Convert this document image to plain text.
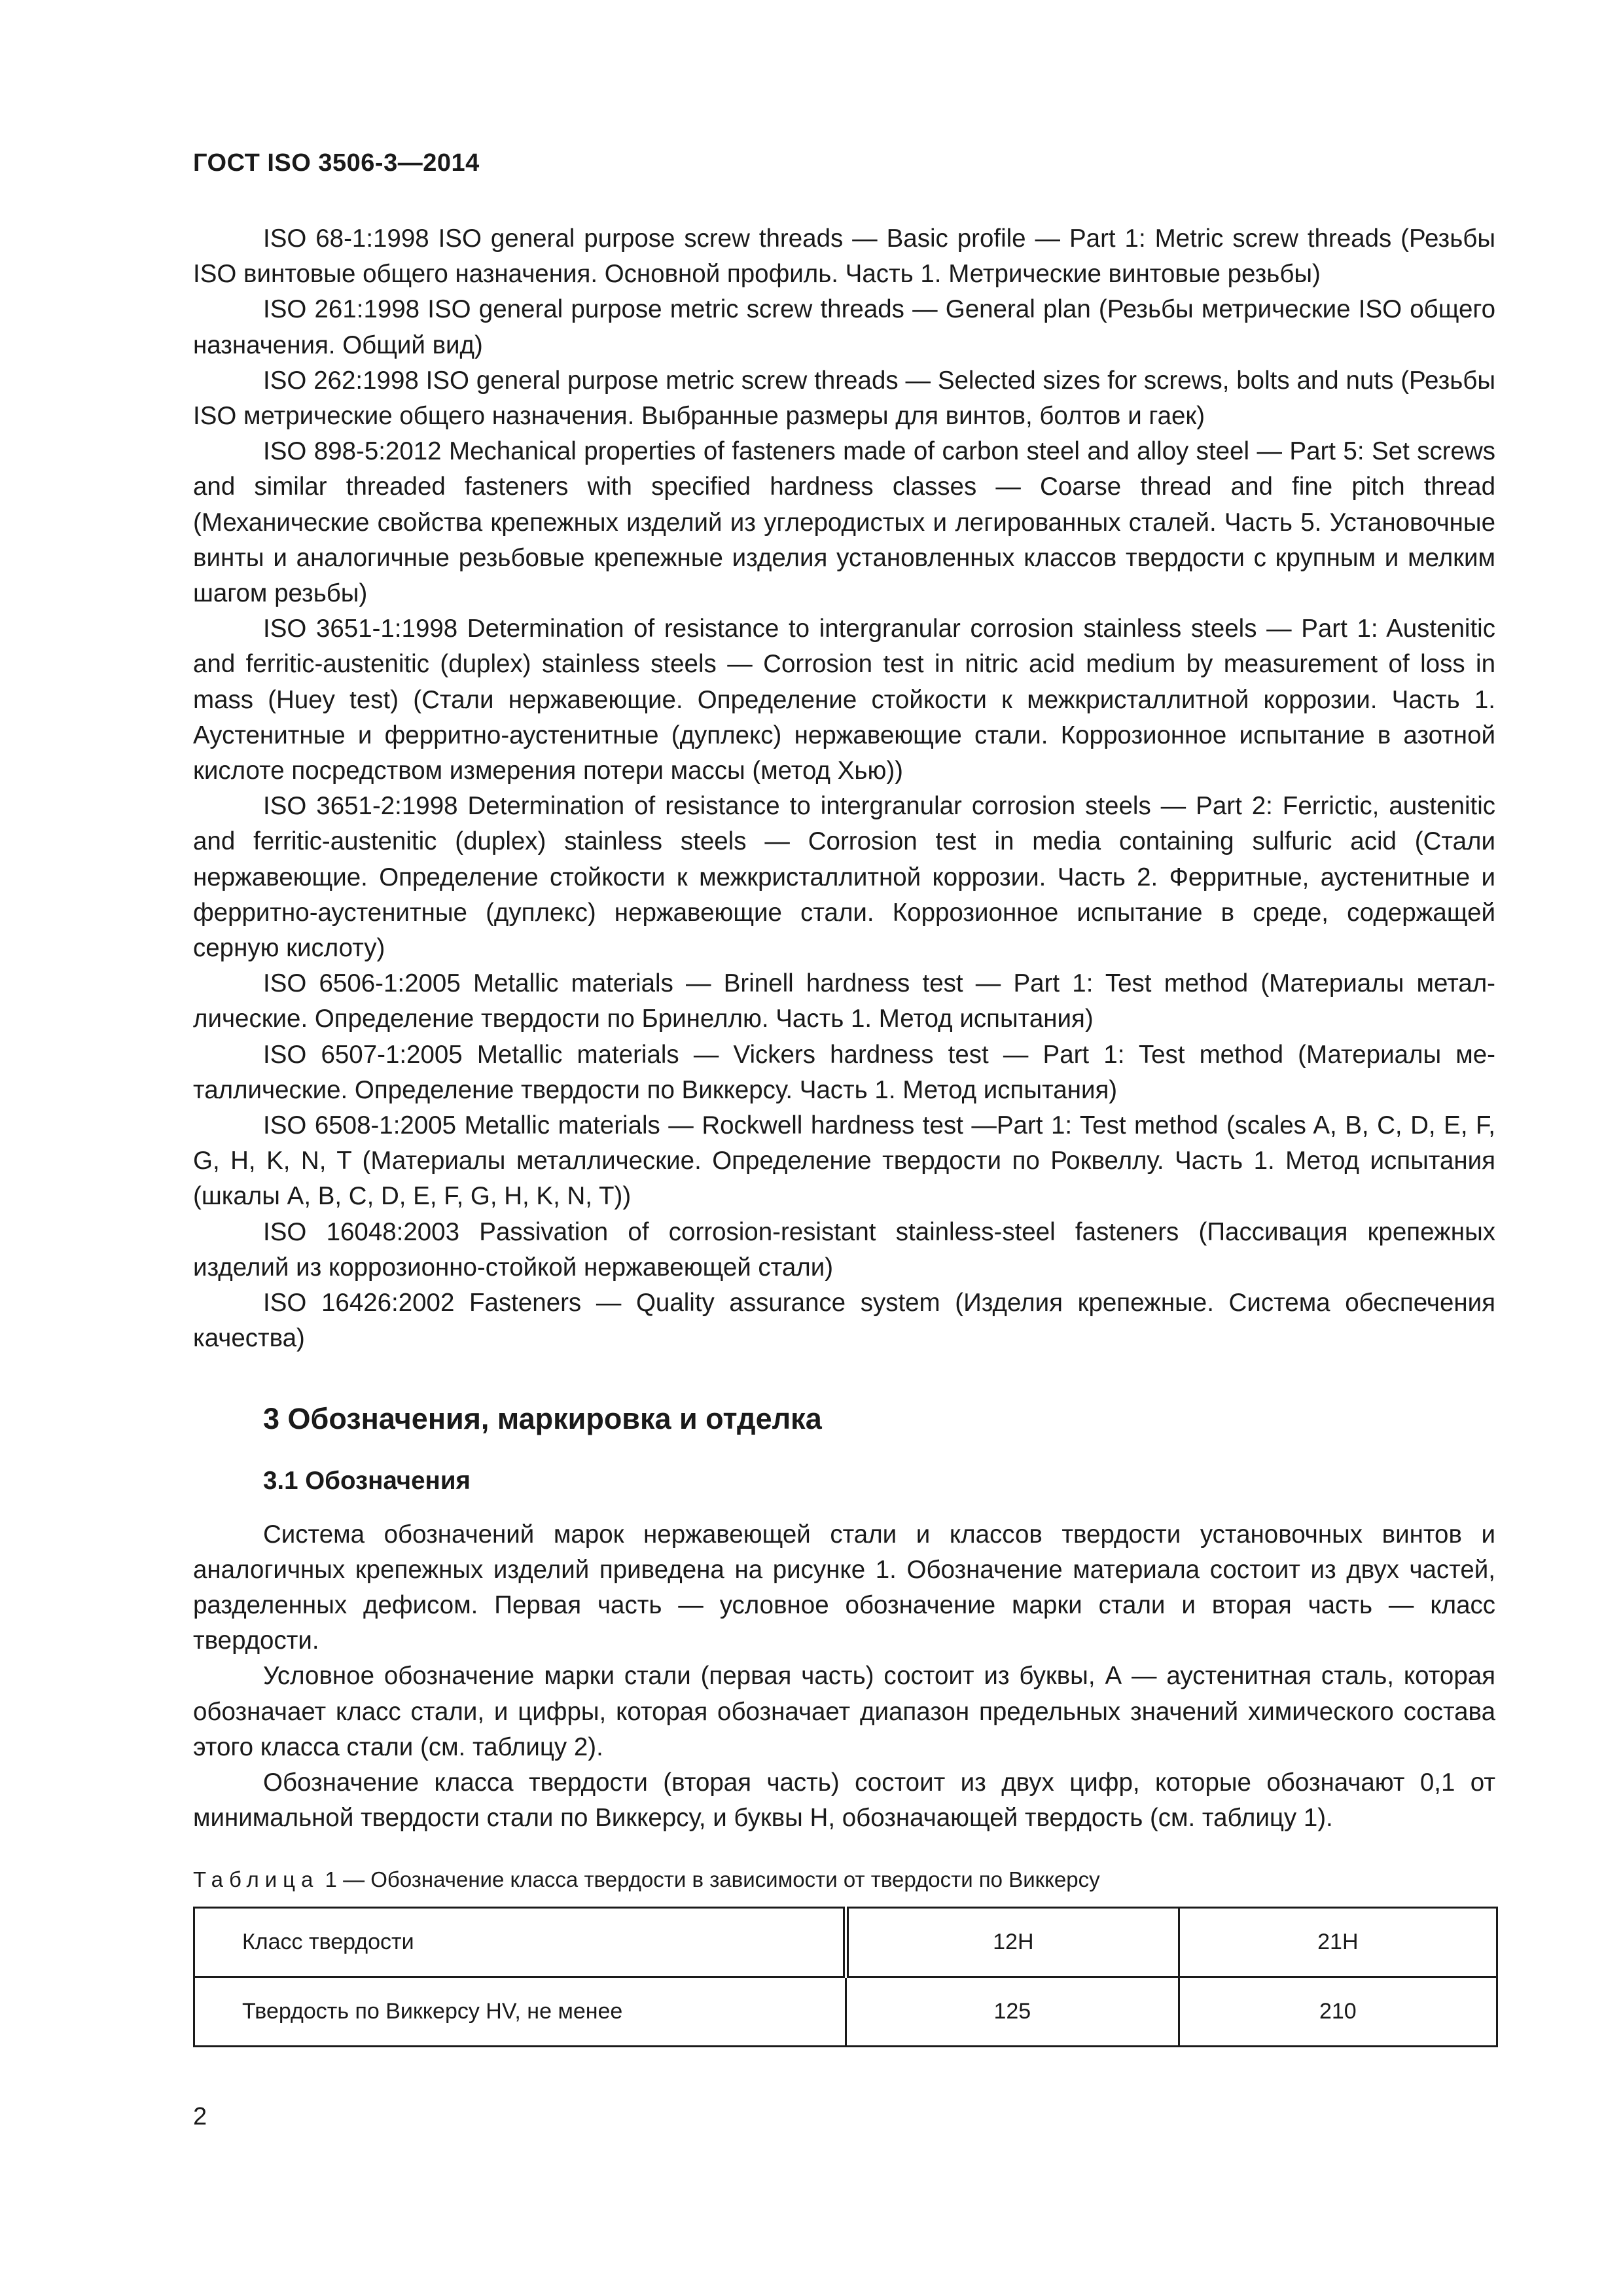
ГОСТ ISO 3506-3—2014

ISO 68-1:1998 ISO general purpose screw threads — Basic profile — Part 1: Metric screw threads (Резьбы ISO винтовые общего назначения. Основной профиль. Часть 1. Метрические винтовые резьбы)

ISO 261:1998 ISO general purpose metric screw threads — General plan (Резьбы метрические ISO общего назначения. Общий вид)

ISO 262:1998 ISO general purpose metric screw threads — Selected sizes for screws, bolts and nuts (Резьбы ISO метрические общего назначения. Выбранные размеры для винтов, болтов и гаек)

ISO 898-5:2012 Mechanical properties of fasteners made of carbon steel and alloy steel — Part 5: Set screws and similar threaded fasteners with specified hardness classes — Coarse thread and fine pitch thread (Механические свойства крепежных изделий из углеродистых и легированных сталей. Часть 5. Установочные винты и аналогичные резьбовые крепежные изделия установленных классов твердости с крупным и мелким шагом резьбы)

ISO 3651-1:1998 Determination of resistance to intergranular corrosion stainless steels — Part 1: Austenitic and ferritic-austenitic (duplex) stainless steels — Corrosion test in nitric acid medium by measurement of loss in mass (Huey test) (Стали нержавеющие. Определение стойкости к межкристаллитной коррозии. Часть 1. Аустенитные и ферритно-аустенитные (дуплекс) нержавеющие стали. Коррозионное испытание в азотной кислоте посредством измерения потери массы (метод Хью))

ISO 3651-2:1998 Determination of resistance to intergranular corrosion steels — Part 2: Ferrictic, austenitic and ferritic-austenitic (duplex) stainless steels — Corrosion test in media containing sulfuric acid (Стали нержавеющие. Определение стойкости к межкристаллитной коррозии. Часть 2. Ферритные, аустенитные и ферритно-аустенитные (дуплекс) нержавеющие стали. Коррозионное испытание в среде, содержащей серную кислоту)

ISO 6506-1:2005 Metallic materials — Brinell hardness test — Part 1: Test method (Материалы металлические. Определение твердости по Бринеллю. Часть 1. Метод испытания)

ISO 6507-1:2005 Metallic materials — Vickers hardness test — Part 1: Test method (Материалы металлические. Определение твердости по Виккерсу. Часть 1. Метод испытания)

ISO 6508-1:2005 Metallic materials — Rockwell hardness test —Part 1: Test method (scales A, B, C, D, E, F, G, H, K, N, T (Материалы металлические. Определение твердости по Роквеллу. Часть 1. Метод испытания (шкалы A, B, C, D, E, F, G, H, K, N, T))

ISO 16048:2003 Passivation of corrosion-resistant stainless-steel fasteners (Пассивация крепежных изделий из коррозионно-стойкой нержавеющей стали)

ISO 16426:2002 Fasteners — Quality assurance system (Изделия крепежные. Система обеспечения качества)

3 Обозначения, маркировка и отделка
3.1 Обозначения

Система обозначений марок нержавеющей стали и классов твердости установочных винтов и аналогичных крепежных изделий приведена на рисунке 1. Обозначение материала состоит из двух частей, разделенных дефисом. Первая часть — условное обозначение марки стали и вторая часть — класс твердости.

Условное обозначение марки стали (первая часть) состоит из буквы, А — аустенитная сталь, которая обозначает класс стали, и цифры, которая обозначает диапазон предельных значений химического состава этого класса стали (см. таблицу 2).

Обозначение класса твердости (вторая часть) состоит из двух цифр, которые обозначают 0,1 от минимальной твердости стали по Виккерсу, и буквы H, обозначающей твердость (см. таблицу 1).

Таблица 1 — Обозначение класса твердости в зависимости от твердости по Виккерсу
Класс твердости	12H	21H
Твердость по Виккерсу HV, не менее	125	210
2
